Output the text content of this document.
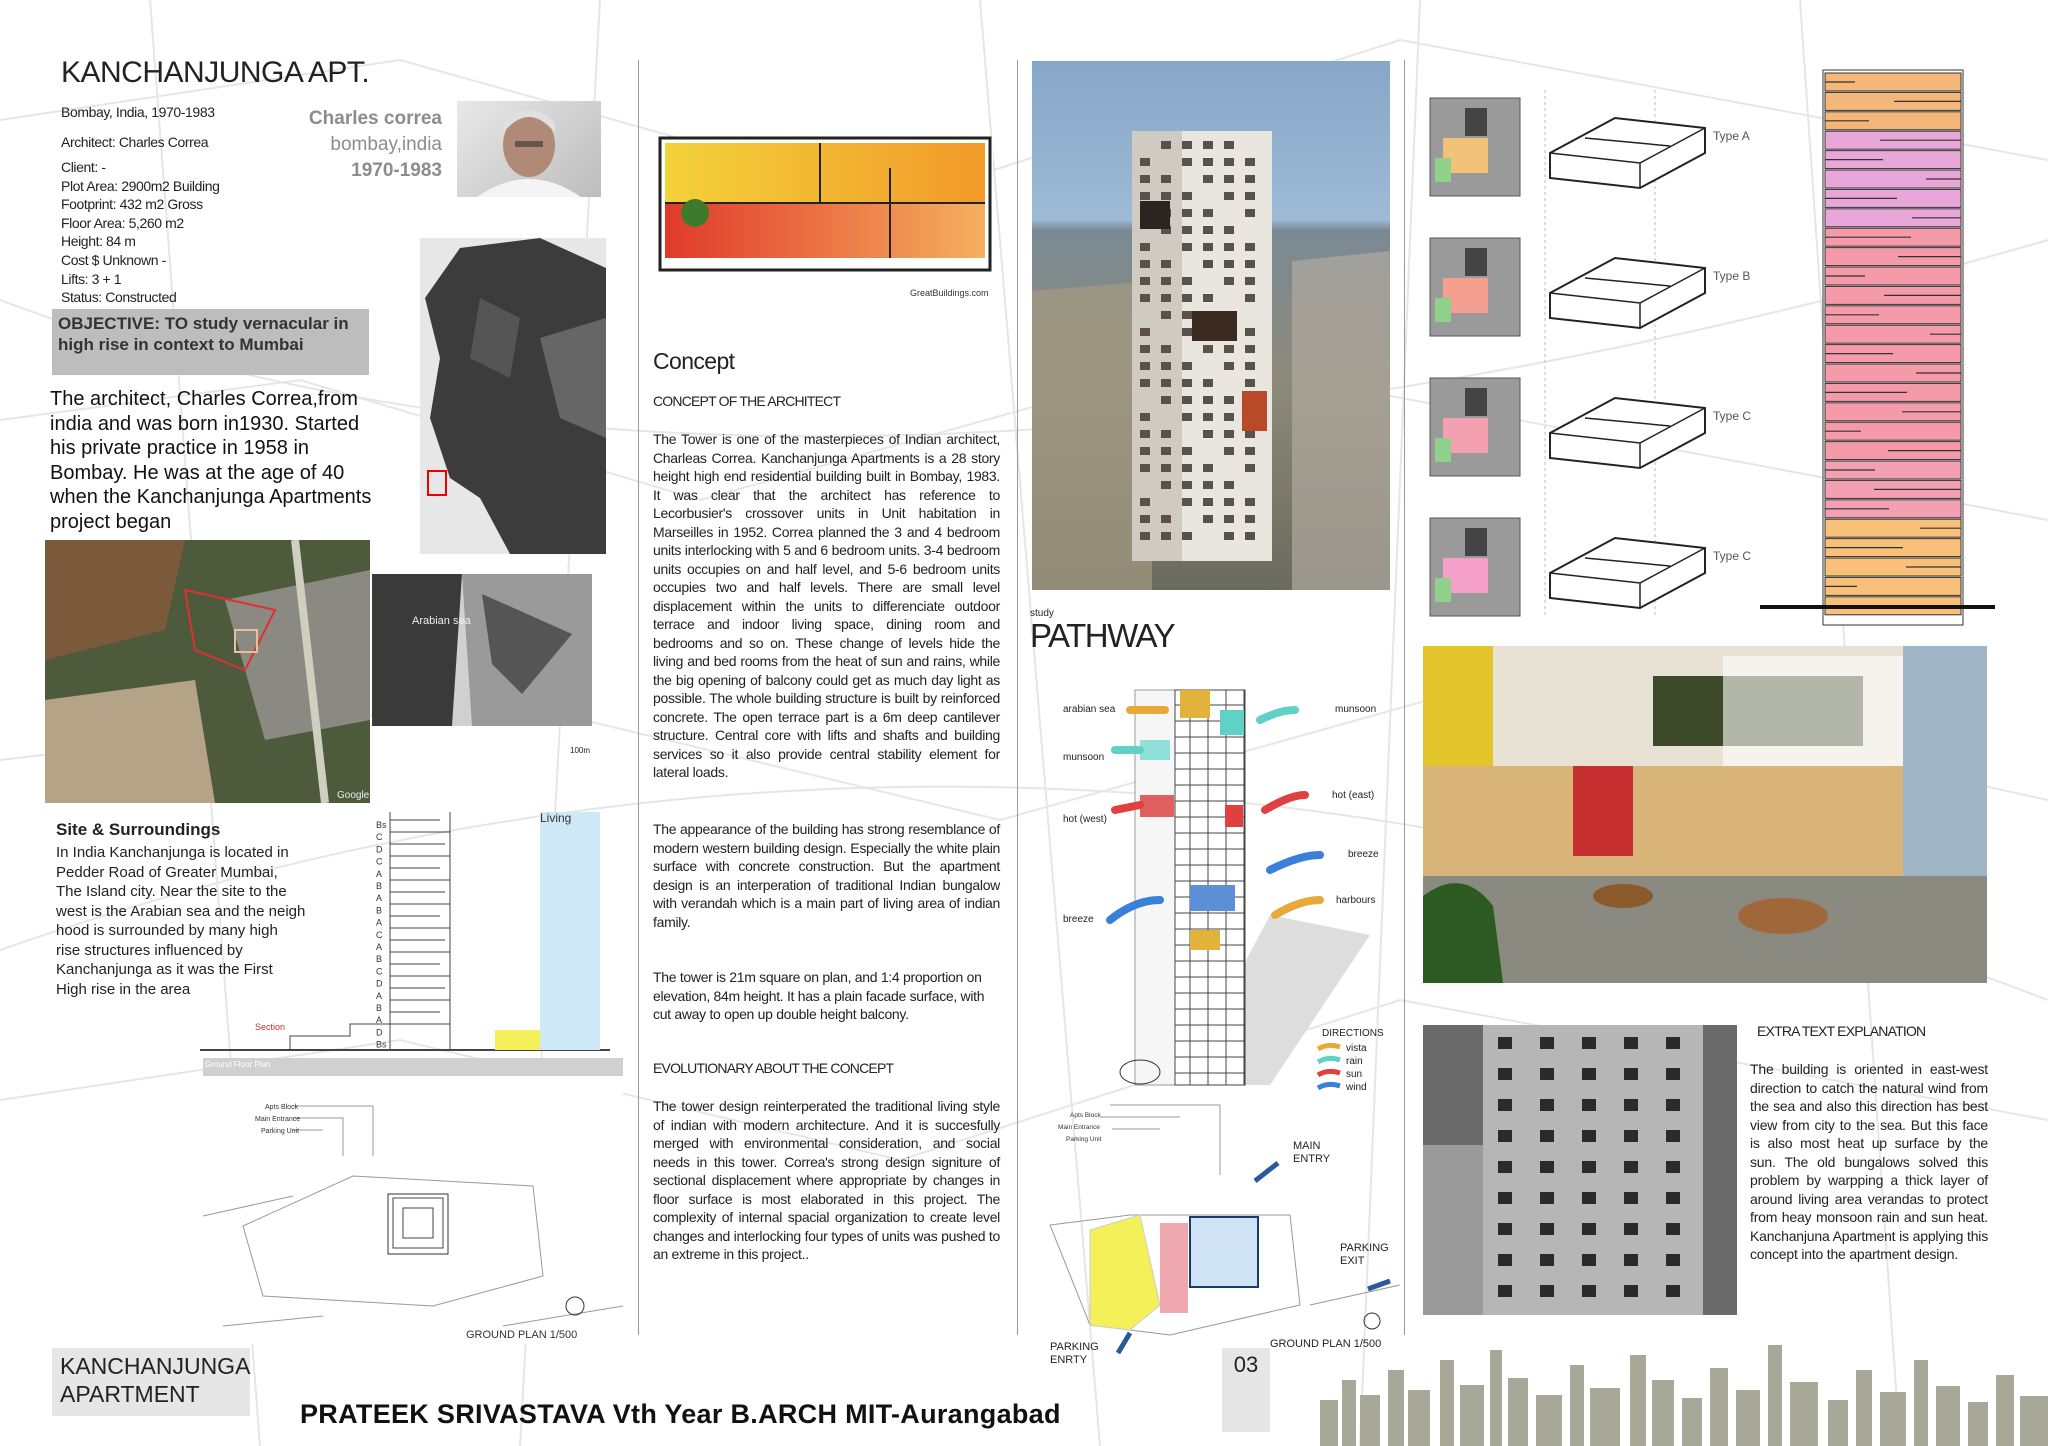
KANCHANJUNGA APT.
Bombay, India, 1970-1983
Architect: Charles Correa
Client: -
Plot Area: 2900m2 Building
Footprint: 432 m2 Gross
Floor Area: 5,260 m2
Height: 84 m
Cost $ Unknown -
Lifts: 3 + 1
Status: Constructed
Charles correa
bombay,india
1970-1983
OBJECTIVE: TO study vernacular in high rise in context to Mumbai
The architect, Charles Correa,from india and was born in1930. Started his private practice in 1958 in Bombay. He was at the age of 40 when the Kanchanjunga Apartments project began
Google
Arabian sea
100m
Site & Surroundings
In India Kanchanjunga is located in Pedder Road of Greater Mumbai, The Island city. Near the site to the west is the Arabian sea and the neigh hood is surrounded by many high rise structures influenced by Kanchanjunga as it was the First High rise in the area
Living
Section
Bs
C
D
C
A
B
A
B
A
C
A
B
C
D
A
B
A
D
Bs
Ground Floor Plan
Apts Block
Main Entrance
Parking Unit
GROUND PLAN 1/500
KANCHANJUNGA
APARTMENT
PRATEEK SRIVASTAVA Vth Year B.ARCH MIT-Aurangabad
GreatBuildings.com
Concept
CONCEPT OF THE ARCHITECT
The Tower is one of the masterpieces of Indian architect, Charleas Correa. Kanchanjunga Apartments is a 28 story height high end residential building built in Bombay, 1983. It was clear that the architect has reference to Lecorbusier's crossover units in Unit habitation in Marseilles in 1952. Correa planned the 3 and 4 bedroom units interlocking with 5 and 6 bedroom units. 3-4 bedroom units occupies on and half level, and 5-6 bedroom units occupies two and half levels. There are small level displacement within the units to differenciate outdoor terrace and indoor living space, dining room and bedrooms and so on. These change of levels hide the living and bed rooms from the heat of sun and rains, while the big opening of balcony could get as much day light as possible. The whole building structure is built by reinforced concrete. The open terrace part is a 6m deep cantilever structure. Central core with lifts and shafts and building services so it also provide central stability element for lateral loads.
The appearance of the building has strong resemblance of modern western building design. Especially the white plain surface with concrete construction. But the apartment design is an interperation of traditional Indian bungalow with verandah which is a main part of living area of indian family.
The tower is 21m square on plan, and 1:4 proportion on elevation, 84m height. It has a plain facade surface, with cut away to open up double height balcony.
EVOLUTIONARY ABOUT THE CONCEPT
The tower design reinterperated the traditional living style of indian with modern architecture. And it is succesfully merged with environmental consideration, and social needs in this tower. Correa's strong design signiture of sectional displacement where appropriate by changes in floor surface is most elaborated in this project. The complexity of internal spacial organization to create level changes and interlocking four types of units was pushed to an extreme in this project..
study
PATHWAY
arabian sea
munsoon
hot (west)
breeze
munsoon
hot (east)
breeze
harbours
DIRECTIONS
vista
rain
sun
wind
Apts Block
Main Entrance
Parking Unit
MAIN
ENTRY
PARKING
EXIT
PARKING
ENRTY
GROUND PLAN 1/500
03
Type A
Type B
Type C
Type C
EXTRA TEXT EXPLANATION
The building is oriented in east-west direction to catch the natural wind from the sea and also this direction has best view from city to the sea. But this face is also most heat up surface by the sun. The old bungalows solved this problem by warpping a thick layer of around living area verandas to protect from heay monsoon rain and sun heat. Kanchanjuna Apartment is applying this concept into the apartment design.
